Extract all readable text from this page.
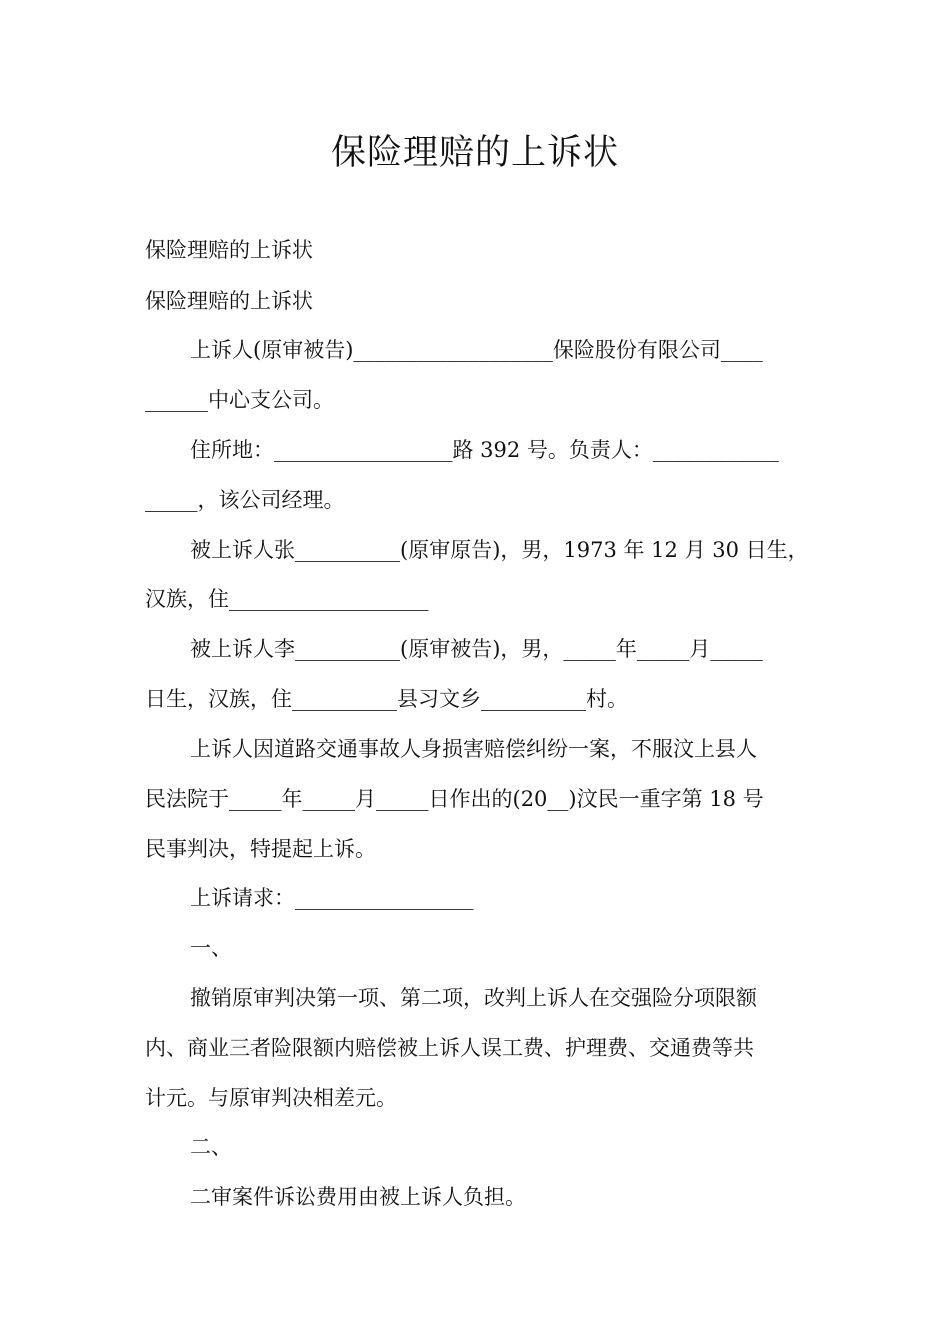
保险理赔的上诉状
保险理赔的上诉状
保险理赔的上诉状
上诉人(原审被告)___________________保险股份有限公司____
______中心支公司。
住所地：_________________路 392 号。负责人：____________
_____，该公司经理。
被上诉人张__________(原审原告)，男，1973 年 12 月 30 日生，
汉族，住___________________
被上诉人李__________(原审被告)，男，_____年_____月_____
日生，汉族，住__________县习文乡__________村。
上诉人因道路交通事故人身损害赔偿纠纷一案，不服汶上县人
民法院于_____年_____月_____日作出的(20__)汶民一重字第 18 号
民事判决，特提起上诉。
上诉请求：_________________
一、
撤销原审判决第一项、第二项，改判上诉人在交强险分项限额
内、商业三者险限额内赔偿被上诉人误工费、护理费、交通费等共
计元。与原审判决相差元。
二、
二审案件诉讼费用由被上诉人负担。
